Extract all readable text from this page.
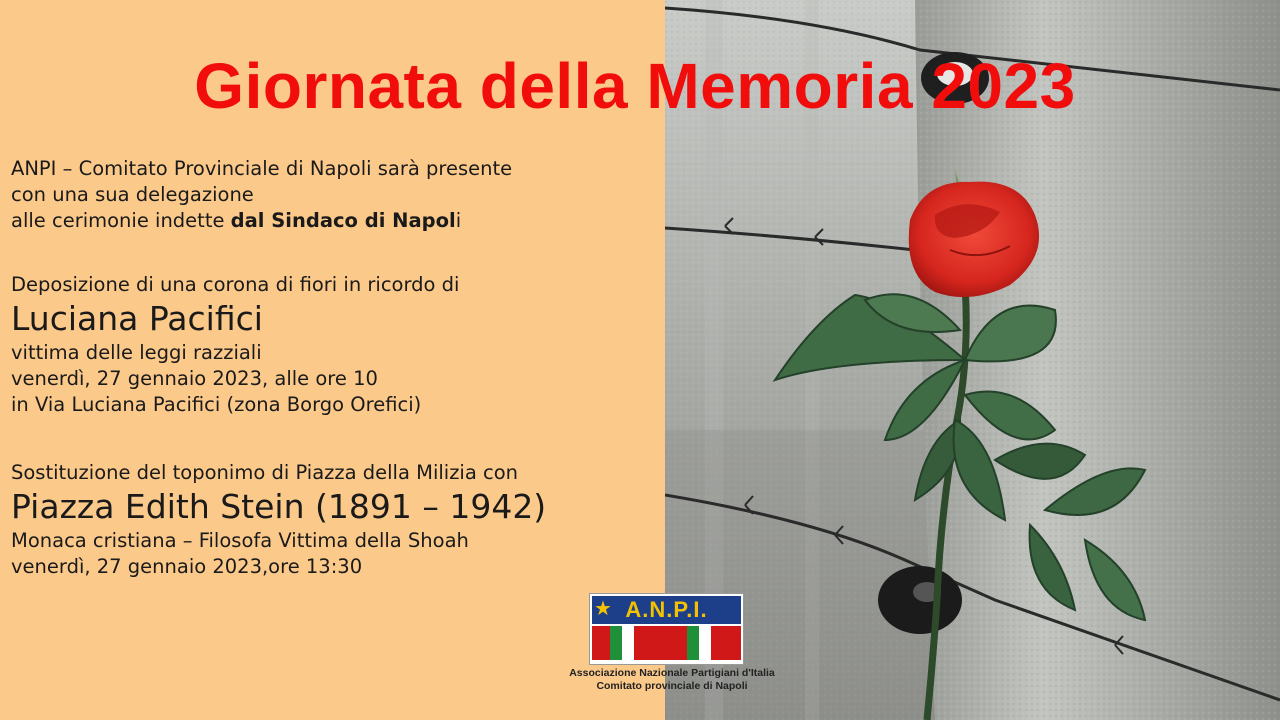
Giornata della Memoria 2023
ANPI – Comitato Provinciale di Napoli sarà presente
con una sua delegazione
alle cerimonie indette dal Sindaco di Napoli
Deposizione di una corona di fiori in ricordo di
Luciana Pacifici
vittima delle leggi razziali
venerdì, 27 gennaio 2023, alle ore 10
in Via Luciana Pacifici (zona Borgo Orefici)
Sostituzione del toponimo di Piazza della Milizia con
Piazza Edith Stein (1891 – 1942)
Monaca cristiana – Filosofa Vittima della Shoah
venerdì, 27 gennaio 2023,ore 13:30
A.N.P.I.
★
Associazione Nazionale Partigiani d'Italia
Comitato provinciale di Napoli
